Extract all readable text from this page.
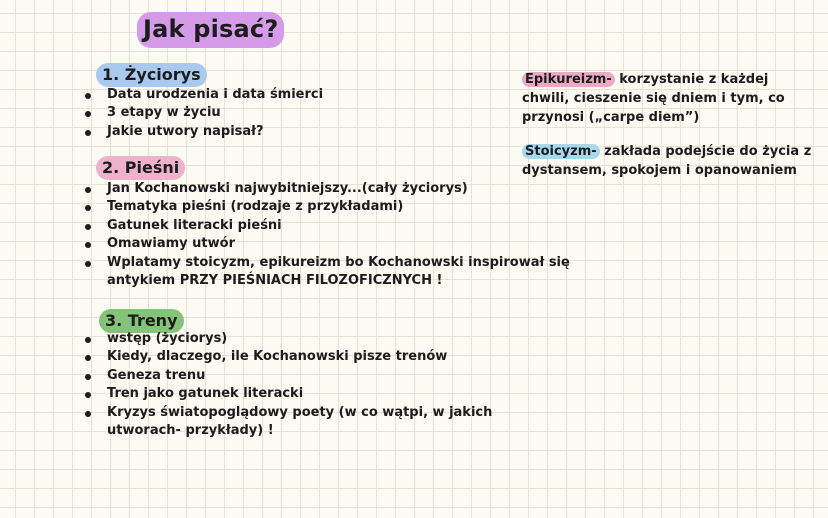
Jak pisać?
1. Życiorys
Data urodzenia i data śmierci
3 etapy w życiu
Jakie utwory napisał?
2. Pieśni
Jan Kochanowski najwybitniejszy...(cały życiorys)
Tematyka pieśni (rodzaje z przykładami)
Gatunek literacki pieśni
Omawiamy utwór
Wplatamy stoicyzm, epikureizm bo Kochanowski inspirował się antykiem PRZY PIEŚNIACH FILOZOFICZNYCH !
3. Treny
wstęp (życiorys)
Kiedy, dlaczego, ile Kochanowski pisze trenów
Geneza trenu
Tren jako gatunek literacki
Kryzys światopoglądowy poety (w co wątpi, w jakich utworach- przykłady) !
Epikureizm- korzystanie z każdej chwili, cieszenie się dniem i tym, co przynosi („carpe diem”)
Stoicyzm- zakłada podejście do życia z dystansem, spokojem i opanowaniem
